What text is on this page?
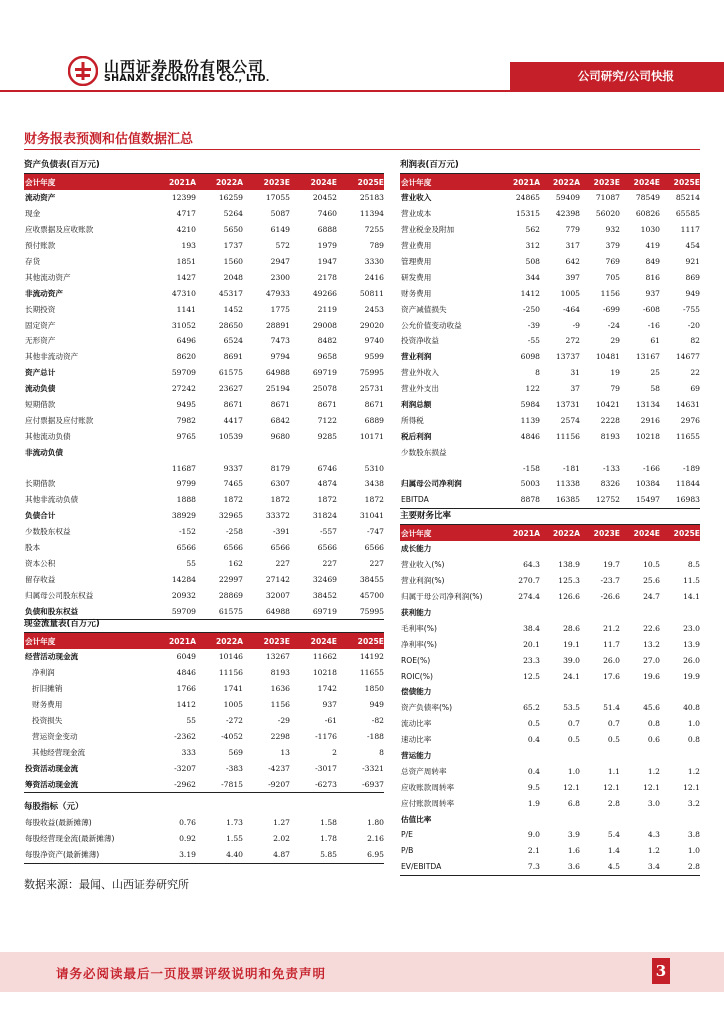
山西证券股份有限公司
SHANXI SECURITIES CO., LTD.	公司研究/公司快报
财务报表预测和估值数据汇总
资产负债表(百万元)
会计年度	2021A	2022A	2023E	2024E	2025E
流动资产	12399	16259	17055	20452	25183
现金	4717	5264	5087	7460	11394
应收票据及应收账款	4210	5650	6149	6888	7255
预付账款	193	1737	572	1979	789
存货	1851	1560	2947	1947	3330
其他流动资产	1427	2048	2300	2178	2416
非流动资产	47310	45317	47933	49266	50811
长期投资	1141	1452	1775	2119	2453
固定资产	31052	28650	28891	29008	29020
无形资产	6496	6524	7473	8482	9740
其他非流动资产	8620	8691	9794	9658	9599
资产总计	59709	61575	64988	69719	75995
流动负债	27242	23627	25194	25078	25731
短期借款	9495	8671	8671	8671	8671
应付票据及应付账款	7982	4417	6842	7122	6889
其他流动负债	9765	10539	9680	9285	10171
非流动负债					
	11687	9337	8179	6746	5310
长期借款	9799	7465	6307	4874	3438
其他非流动负债	1888	1872	1872	1872	1872
负债合计	38929	32965	33372	31824	31041
少数股东权益	-152	-258	-391	-557	-747
股本	6566	6566	6566	6566	6566
资本公积	55	162	227	227	227
留存收益	14284	22997	27142	32469	38455
归属母公司股东权益	20932	28869	32007	38452	45700
负债和股东权益	59709	61575	64988	69719	75995
现金流量表(百万元)
会计年度	2021A	2022A	2023E	2024E	2025E
经营活动现金流	6049	10146	13267	11662	14192
净利润	4846	11156	8193	10218	11655
折旧摊销	1766	1741	1636	1742	1850
财务费用	1412	1005	1156	937	949
投资损失	55	-272	-29	-61	-82
营运资金变动	-2362	-4052	2298	-1176	-188
其他经营现金流	333	569	13	2	8
投资活动现金流	-3207	-383	-4237	-3017	-3321
筹资活动现金流	-2962	-7815	-9207	-6273	-6937
每股指标（元）
每股收益(最新摊薄)	0.76	1.73	1.27	1.58	1.80
每股经营现金流(最新摊薄)	0.92	1.55	2.02	1.78	2.16
每股净资产(最新摊薄)	3.19	4.40	4.87	5.85	6.95
利润表(百万元)
会计年度	2021A	2022A	2023E	2024E	2025E
营业收入	24865	59409	71087	78549	85214
营业成本	15315	42398	56020	60826	65585
营业税金及附加	562	779	932	1030	1117
营业费用	312	317	379	419	454
管理费用	508	642	769	849	921
研发费用	344	397	705	816	869
财务费用	1412	1005	1156	937	949
资产减值损失	-250	-464	-699	-608	-755
公允价值变动收益	-39	-9	-24	-16	-20
投资净收益	-55	272	29	61	82
营业利润	6098	13737	10481	13167	14677
营业外收入	8	31	19	25	22
营业外支出	122	37	79	58	69
利润总额	5984	13731	10421	13134	14631
所得税	1139	2574	2228	2916	2976
税后利润	4846	11156	8193	10218	11655
少数股东损益					
	-158	-181	-133	-166	-189
归属母公司净利润	5003	11338	8326	10384	11844
EBITDA	8878	16385	12752	15497	16983
主要财务比率
会计年度	2021A	2022A	2023E	2024E	2025E
成长能力					
营业收入(%)	64.3	138.9	19.7	10.5	8.5
营业利润(%)	270.7	125.3	-23.7	25.6	11.5
归属于母公司净利润(%)	274.4	126.6	-26.6	24.7	14.1
获利能力					
毛利率(%)	38.4	28.6	21.2	22.6	23.0
净利率(%)	20.1	19.1	11.7	13.2	13.9
ROE(%)	23.3	39.0	26.0	27.0	26.0
ROIC(%)	12.5	24.1	17.6	19.6	19.9
偿债能力					
资产负债率(%)	65.2	53.5	51.4	45.6	40.8
流动比率	0.5	0.7	0.7	0.8	1.0
速动比率	0.4	0.5	0.5	0.6	0.8
营运能力					
总资产周转率	0.4	1.0	1.1	1.2	1.2
应收账款周转率	9.5	12.1	12.1	12.1	12.1
应付账款周转率	1.9	6.8	2.8	3.0	3.2
估值比率					
P/E	9.0	3.9	5.4	4.3	3.8
P/B	2.1	1.6	1.4	1.2	1.0
EV/EBITDA	7.3	3.6	4.5	3.4	2.8
数据来源：最闻、山西证券研究所
请务必阅读最后一页股票评级说明和免责声明	3
